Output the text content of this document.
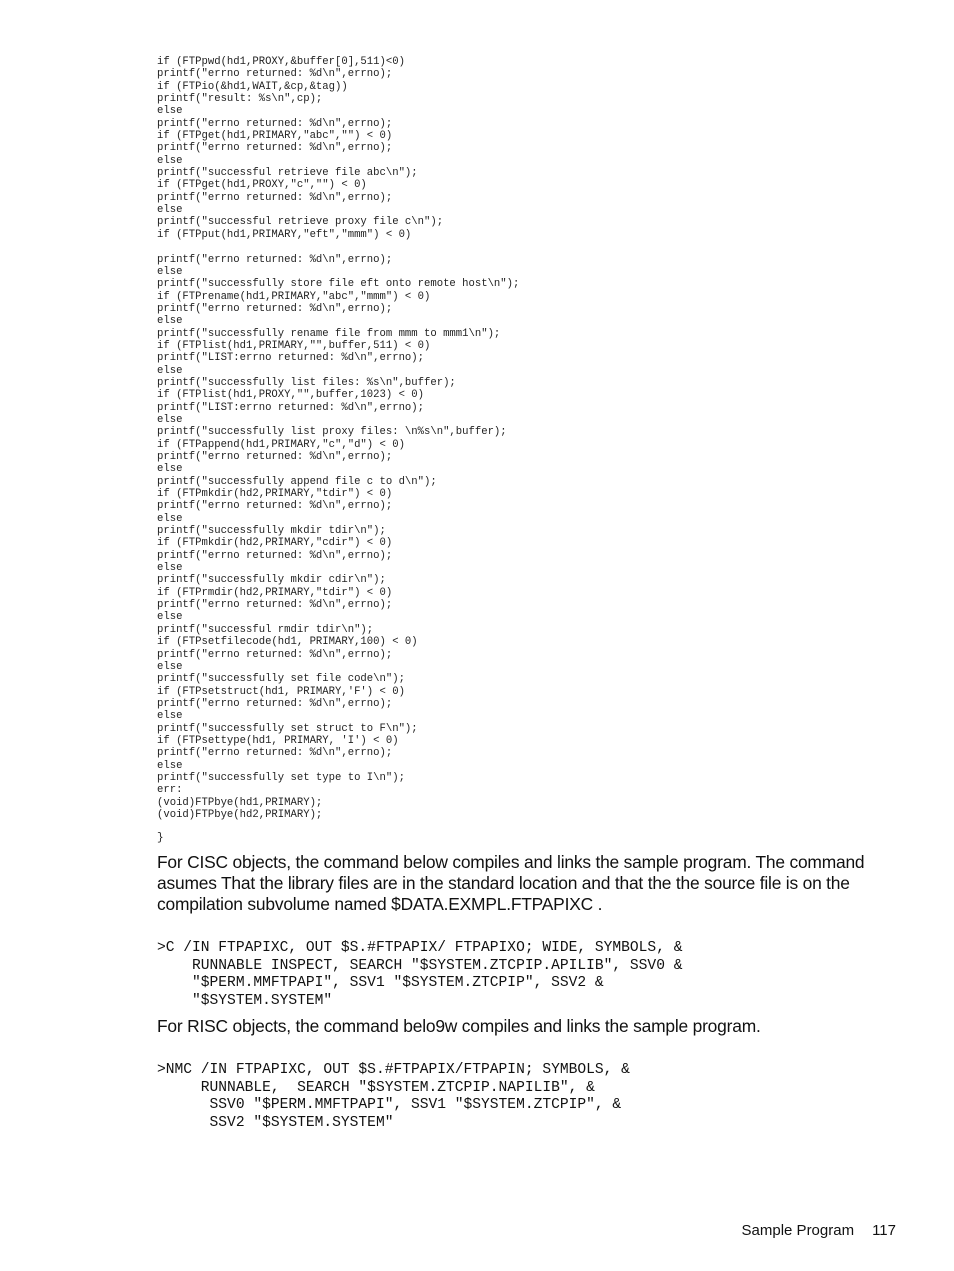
if (FTPpwd(hd1,PROXY,&buffer[0],511)<0)
printf("errno returned: %d\n",errno);
if (FTPio(&hd1,WAIT,&cp,&tag))
printf("result: %s\n",cp);
else
printf("errno returned: %d\n",errno);
if (FTPget(hd1,PRIMARY,"abc","") < 0)
printf("errno returned: %d\n",errno);
else
printf("successful retrieve file abc\n");
if (FTPget(hd1,PROXY,"c","") < 0)
printf("errno returned: %d\n",errno);
else
printf("successful retrieve proxy file c\n");
if (FTPput(hd1,PRIMARY,"eft","mmm") < 0)
printf("errno returned: %d\n",errno);
else
printf("successfully store file eft onto remote host\n");
if (FTPrename(hd1,PRIMARY,"abc","mmm") < 0)
printf("errno returned: %d\n",errno);
else
printf("successfully rename file from mmm to mmm1\n");
if (FTPlist(hd1,PRIMARY,"",buffer,511) < 0)
printf("LIST:errno returned: %d\n",errno);
else
printf("successfully list files: %s\n",buffer);
if (FTPlist(hd1,PROXY,"",buffer,1023) < 0)
printf("LIST:errno returned: %d\n",errno);
else
printf("successfully list proxy files: \n%s\n",buffer);
if (FTPappend(hd1,PRIMARY,"c","d") < 0)
printf("errno returned: %d\n",errno);
else
printf("successfully append file c to d\n");
if (FTPmkdir(hd2,PRIMARY,"tdir") < 0)
printf("errno returned: %d\n",errno);
else
printf("successfully mkdir tdir\n");
if (FTPmkdir(hd2,PRIMARY,"cdir") < 0)
printf("errno returned: %d\n",errno);
else
printf("successfully mkdir cdir\n");
if (FTPrmdir(hd2,PRIMARY,"tdir") < 0)
printf("errno returned: %d\n",errno);
else
printf("successful rmdir tdir\n");
if (FTPsetfilecode(hd1, PRIMARY,100) < 0)
printf("errno returned: %d\n",errno);
else
printf("successfully set file code\n");
if (FTPsetstruct(hd1, PRIMARY,'F') < 0)
printf("errno returned: %d\n",errno);
else
printf("successfully set struct to F\n");
if (FTPsettype(hd1, PRIMARY, 'I') < 0)
printf("errno returned: %d\n",errno);
else
printf("successfully set type to I\n");
err:
(void)FTPbye(hd1,PRIMARY);
(void)FTPbye(hd2,PRIMARY);
}

For CISC objects, the command below compiles and links the sample program. The command asumes That the library files are in the standard location and that the the source file is on the compilation subvolume named $DATA.EXMPL.FTPAPIXC .

>C /IN FTPAPIXC, OUT $S.#FTPAPIX/ FTPAPIXO; WIDE, SYMBOLS, &
RUNNABLE INSPECT, SEARCH "$SYSTEM.ZTCPIP.APILIB", SSV0 &
"$PERM.MMFTPAPI", SSV1 "$SYSTEM.ZTCPIP", SSV2 &
"$SYSTEM.SYSTEM"

For RISC objects, the command belo9w compiles and links the sample program.

>NMC /IN FTPAPIXC, OUT $S.#FTPAPIX/FTPAPIN; SYMBOLS, &
RUNNABLE,  SEARCH "$SYSTEM.ZTCPIP.NAPILIB", &
SSV0 "$PERM.MMFTPAPI", SSV1 "$SYSTEM.ZTCPIP", &
SSV2 "$SYSTEM.SYSTEM"
Sample Program 117
